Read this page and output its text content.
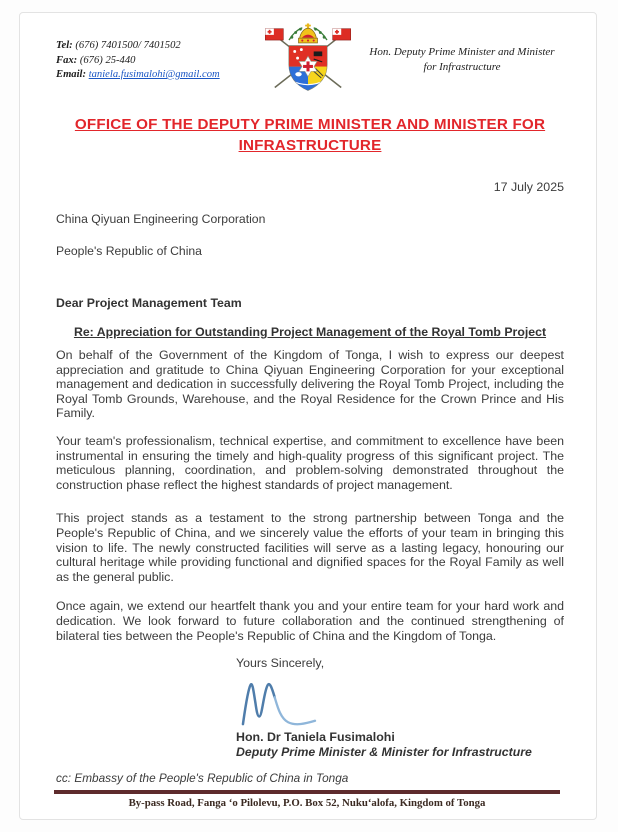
Tel: (676) 7401500/ 7401502
Fax: (676) 25-440
Email: taniela.fusimalohi@gmail.com
Hon. Deputy Prime Minister and Minister for Infrastructure
OFFICE OF THE DEPUTY PRIME MINISTER AND MINISTER FOR INFRASTRUCTURE
17 July 2025

China Qiyuan Engineering Corporation

People's Republic of China

Dear Project Management Team

Re: Appreciation for Outstanding Project Management of the Royal Tomb Project

On behalf of the Government of the Kingdom of Tonga, I wish to express our deepest appreciation and gratitude to China Qiyuan Engineering Corporation for your exceptional management and dedication in successfully delivering the Royal Tomb Project, including the Royal Tomb Grounds, Warehouse, and the Royal Residence for the Crown Prince and His Family.

Your team's professionalism, technical expertise, and commitment to excellence have been instrumental in ensuring the timely and high-quality progress of this significant project. The meticulous planning, coordination, and problem-solving demonstrated throughout the construction phase reflect the highest standards of project management.

This project stands as a testament to the strong partnership between Tonga and the People's Republic of China, and we sincerely value the efforts of your team in bringing this vision to life. The newly constructed facilities will serve as a lasting legacy, honouring our cultural heritage while providing functional and dignified spaces for the Royal Family as well as the general public.

Once again, we extend our heartfelt thank you and your entire team for your hard work and dedication. We look forward to future collaboration and the continued strengthening of bilateral ties between the People's Republic of China and the Kingdom of Tonga.

Yours Sincerely,

Hon. Dr Taniela Fusimalohi

Deputy Prime Minister & Minister for Infrastructure

cc: Embassy of the People's Republic of China in Tonga

By-pass Road, Fanga ‘o Pilolevu, P.O. Box 52, Nuku‘alofa, Kingdom of Tonga
